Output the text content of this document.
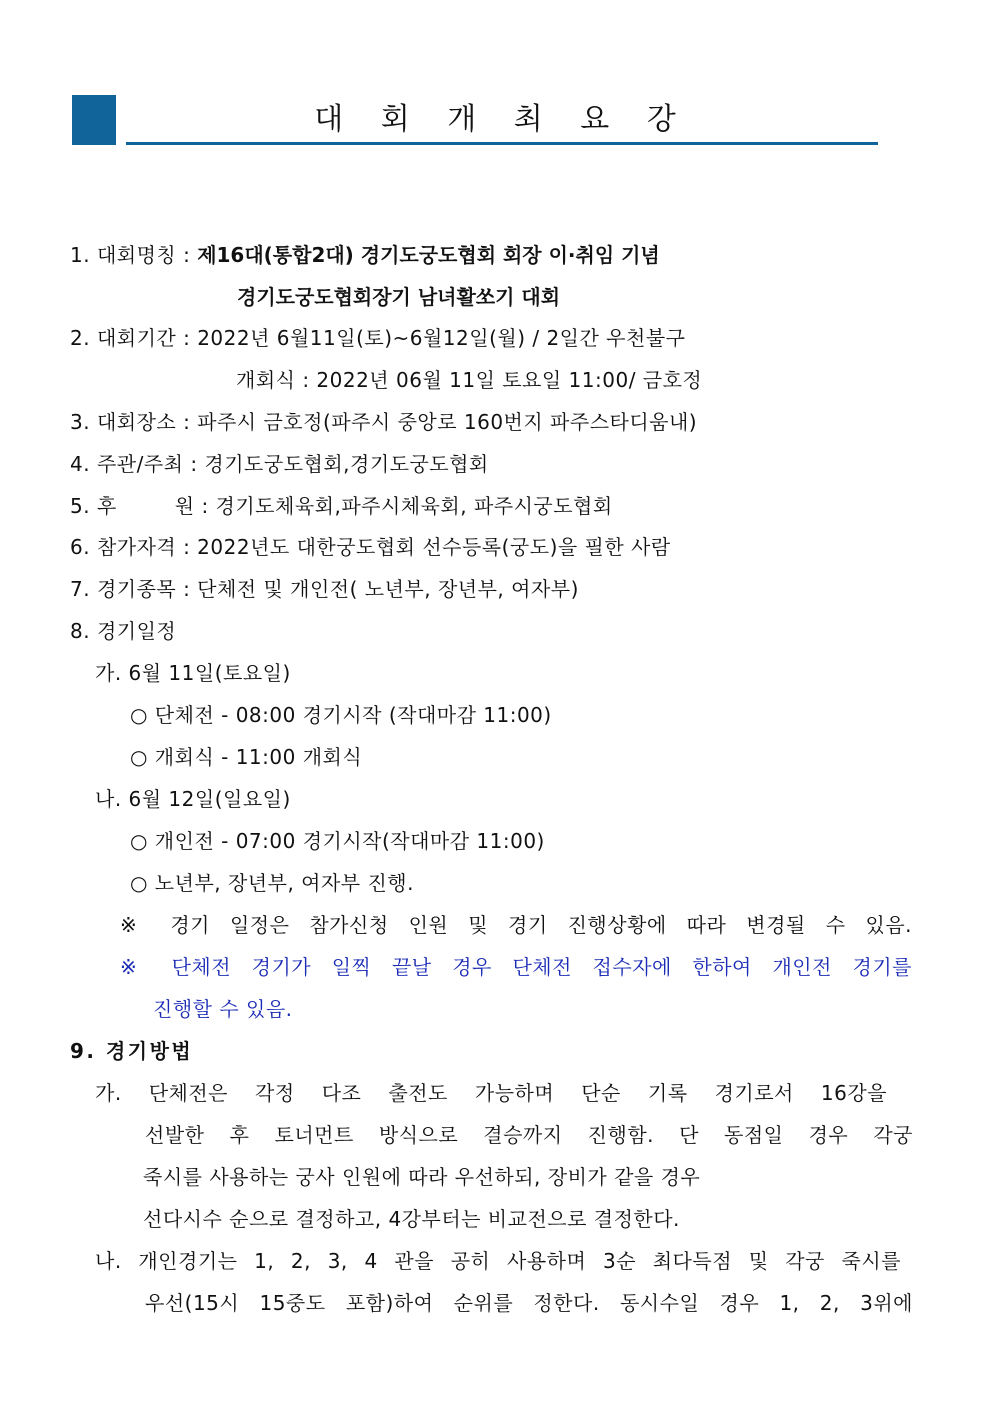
대 회 개 최 요 강
1. 대회명칭 : 제16대(통합2대) 경기도궁도협회 회장 이·취임 기념
경기도궁도협회장기 남녀활쏘기 대회
2. 대회기간 : 2022년 6월11일(토)~6월12일(월) / 2일간 우천불구
개회식 : 2022년 06월 11일 토요일 11:00/ 금호정
3. 대회장소 : 파주시 금호정(파주시 중앙로 160번지 파주스타디움내)
4. 주관/주최 : 경기도궁도협회,경기도궁도협회
5. 후	원 : 경기도체육회,파주시체육회, 파주시궁도협회
6. 참가자격 : 2022년도 대한궁도협회 선수등록(궁도)을 필한 사람
7. 경기종목 : 단체전 및 개인전( 노년부, 장년부, 여자부)
8. 경기일정
가. 6월 11일(토요일)
○ 단체전 - 08:00 경기시작 (작대마감 11:00)
○ 개회식 - 11:00 개회식
나. 6월 12일(일요일)
○ 개인전 - 07:00 경기시작(작대마감 11:00)
○ 노년부, 장년부, 여자부 진행.
※ 경기 일정은 참가신청 인원 및 경기 진행상황에 따라 변경될 수 있음.
※ 단체전 경기가 일찍 끝날 경우 단체전 접수자에 한하여 개인전 경기를
진행할 수 있음.
9. 경기방법
가. 단체전은 각정 다조 출전도 가능하며 단순 기록 경기로서 16강을
선발한 후 토너먼트 방식으로 결승까지 진행함. 단 동점일 경우 각궁
죽시를 사용하는 궁사 인원에 따라 우선하되, 장비가 같을 경우
선다시수 순으로 결정하고, 4강부터는 비교전으로 결정한다.
나. 개인경기는 1, 2, 3, 4 관을 공히 사용하며 3순 최다득점 및 각궁 죽시를
우선(15시 15중도 포함)하여 순위를 정한다. 동시수일 경우 1, 2, 3위에
